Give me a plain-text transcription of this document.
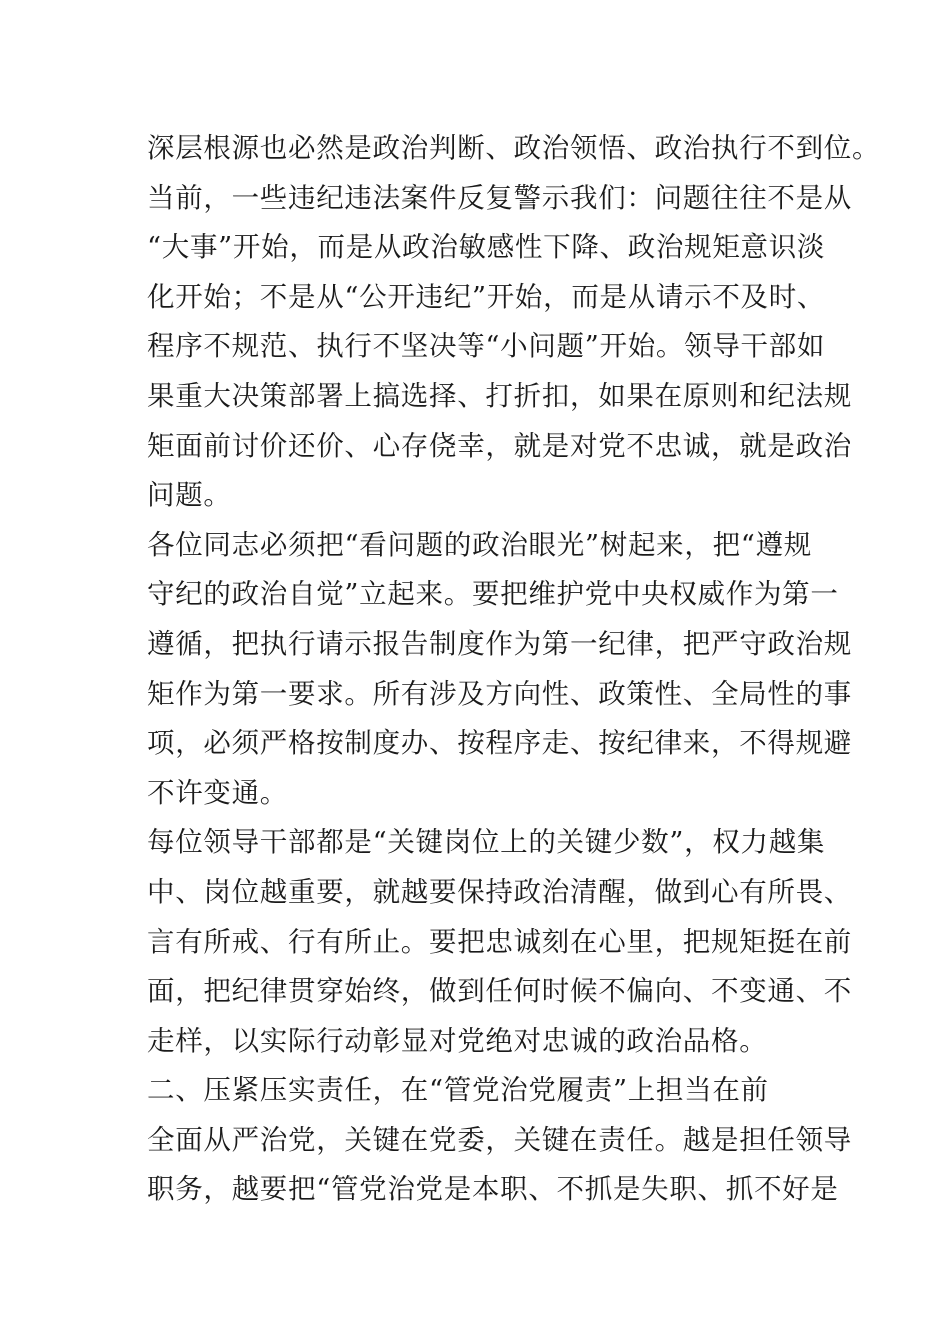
深层根源也必然是政治判断、政治领悟、政治执行不到位。
当前，一些违纪违法案件反复警示我们：问题往往不是从
“大事”开始，而是从政治敏感性下降、政治规矩意识淡
化开始；不是从“公开违纪”开始，而是从请示不及时、
程序不规范、执行不坚决等“小问题”开始。领导干部如
果重大决策部署上搞选择、打折扣，如果在原则和纪法规
矩面前讨价还价、心存侥幸，就是对党不忠诚，就是政治
问题。
各位同志必须把“看问题的政治眼光”树起来，把“遵规
守纪的政治自觉”立起来。要把维护党中央权威作为第一
遵循，把执行请示报告制度作为第一纪律，把严守政治规
矩作为第一要求。所有涉及方向性、政策性、全局性的事
项，必须严格按制度办、按程序走、按纪律来，不得规避
不许变通。
每位领导干部都是“关键岗位上的关键少数”，权力越集
中、岗位越重要，就越要保持政治清醒，做到心有所畏、
言有所戒、行有所止。要把忠诚刻在心里，把规矩挺在前
面，把纪律贯穿始终，做到任何时候不偏向、不变通、不
走样，以实际行动彰显对党绝对忠诚的政治品格。
二、压紧压实责任，在“管党治党履责”上担当在前
全面从严治党，关键在党委，关键在责任。越是担任领导
职务，越要把“管党治党是本职、不抓是失职、抓不好是
